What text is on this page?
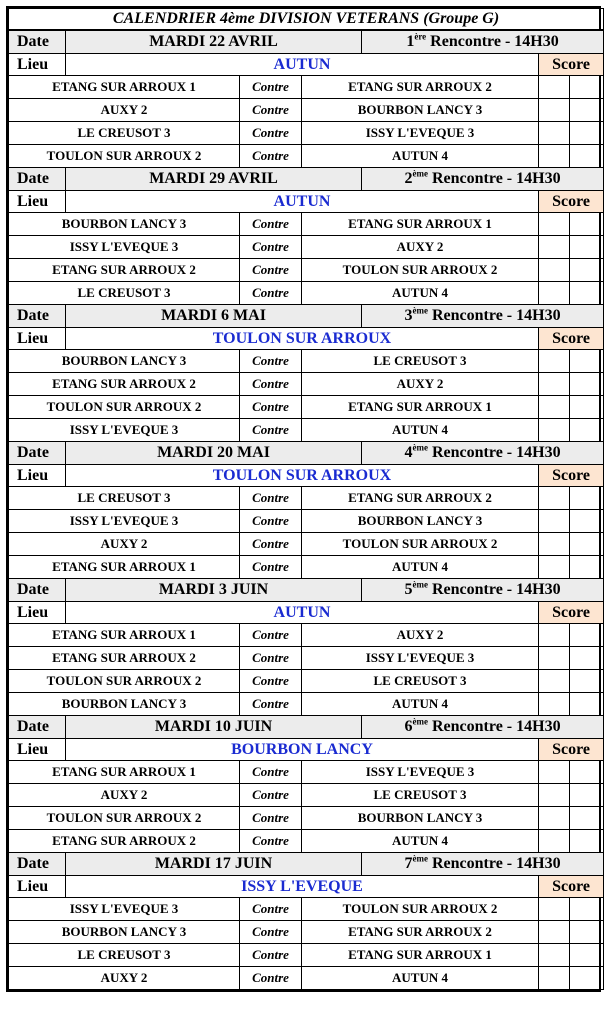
CALENDRIER 4ème DIVISION VETERANS (Groupe G)						
Date	MARDI 22 AVRIL			1ère Rencontre - 14H30		
Lieu	AUTUN				Score	
ETANG SUR ARROUX 1		Contre	ETANG SUR ARROUX 2			
AUXY 2		Contre	BOURBON LANCY 3			
LE CREUSOT 3		Contre	ISSY L'EVEQUE 3			
TOULON SUR ARROUX 2		Contre	AUTUN 4			
Date	MARDI 29 AVRIL			2ème Rencontre - 14H30		
Lieu	AUTUN				Score	
BOURBON LANCY 3		Contre	ETANG SUR ARROUX 1			
ISSY L'EVEQUE 3		Contre	AUXY 2			
ETANG SUR ARROUX 2		Contre	TOULON SUR ARROUX 2			
LE CREUSOT 3		Contre	AUTUN 4			
Date	MARDI 6 MAI			3ème Rencontre - 14H30		
Lieu	TOULON SUR ARROUX				Score	
BOURBON LANCY 3		Contre	LE CREUSOT 3			
ETANG SUR ARROUX 2		Contre	AUXY 2			
TOULON SUR ARROUX 2		Contre	ETANG SUR ARROUX 1			
ISSY L'EVEQUE 3		Contre	AUTUN 4			
Date	MARDI 20 MAI			4ème Rencontre - 14H30		
Lieu	TOULON SUR ARROUX				Score	
LE CREUSOT 3		Contre	ETANG SUR ARROUX 2			
ISSY L'EVEQUE 3		Contre	BOURBON LANCY 3			
AUXY 2		Contre	TOULON SUR ARROUX 2			
ETANG SUR ARROUX 1		Contre	AUTUN 4			
Date	MARDI 3 JUIN			5ème Rencontre - 14H30		
Lieu	AUTUN				Score	
ETANG SUR ARROUX 1		Contre	AUXY 2			
ETANG SUR ARROUX 2		Contre	ISSY L'EVEQUE 3			
TOULON SUR ARROUX 2		Contre	LE CREUSOT 3			
BOURBON LANCY 3		Contre	AUTUN 4			
Date	MARDI 10 JUIN			6ème Rencontre - 14H30		
Lieu	BOURBON LANCY				Score	
ETANG SUR ARROUX 1		Contre	ISSY L'EVEQUE 3			
AUXY 2		Contre	LE CREUSOT 3			
TOULON SUR ARROUX 2		Contre	BOURBON LANCY 3			
ETANG SUR ARROUX 2		Contre	AUTUN 4			
Date	MARDI 17 JUIN			7ème Rencontre - 14H30		
Lieu	ISSY L'EVEQUE				Score	
ISSY L'EVEQUE 3		Contre	TOULON SUR ARROUX 2			
BOURBON LANCY 3		Contre	ETANG SUR ARROUX 2			
LE CREUSOT 3		Contre	ETANG SUR ARROUX 1			
AUXY 2		Contre	AUTUN 4			
